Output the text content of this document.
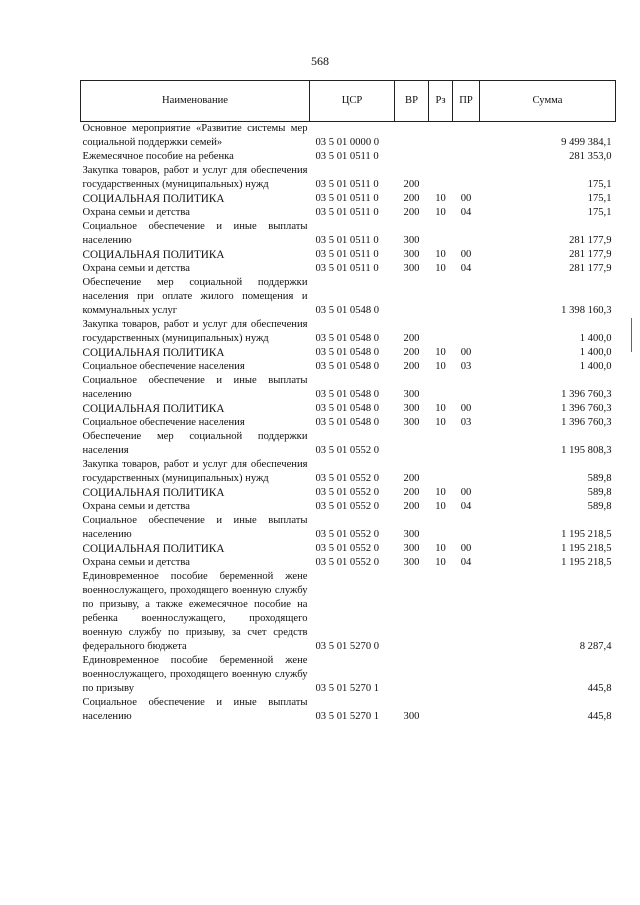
568
Наименование	ЦСР	ВР	Рз	ПР	Сумма
Основное мероприятие «Развитие системы мер социальной поддержки семей»	03 5 01 0000 0				9 499 384,1
Ежемесячное пособие на ребенка	03 5 01 0511 0				281 353,0
Закупка товаров, работ и услуг для обеспечения государственных (муниципальных) нужд	03 5 01 0511 0	200			175,1
СОЦИАЛЬНАЯ ПОЛИТИКА	03 5 01 0511 0	200	10	00	175,1
Охрана семьи и детства	03 5 01 0511 0	200	10	04	175,1
Социальное обеспечение и иные выплаты населению	03 5 01 0511 0	300			281 177,9
СОЦИАЛЬНАЯ ПОЛИТИКА	03 5 01 0511 0	300	10	00	281 177,9
Охрана семьи и детства	03 5 01 0511 0	300	10	04	281 177,9
Обеспечение мер социальной поддержки населения при оплате жилого помещения и коммунальных услуг	03 5 01 0548 0				1 398 160,3
Закупка товаров, работ и услуг для обеспечения государственных (муниципальных) нужд	03 5 01 0548 0	200			1 400,0
СОЦИАЛЬНАЯ ПОЛИТИКА	03 5 01 0548 0	200	10	00	1 400,0
Социальное обеспечение населения	03 5 01 0548 0	200	10	03	1 400,0
Социальное обеспечение и иные выплаты населению	03 5 01 0548 0	300			1 396 760,3
СОЦИАЛЬНАЯ ПОЛИТИКА	03 5 01 0548 0	300	10	00	1 396 760,3
Социальное обеспечение населения	03 5 01 0548 0	300	10	03	1 396 760,3
Обеспечение мер социальной поддержки населения	03 5 01 0552 0				1 195 808,3
Закупка товаров, работ и услуг для обеспечения государственных (муниципальных) нужд	03 5 01 0552 0	200			589,8
СОЦИАЛЬНАЯ ПОЛИТИКА	03 5 01 0552 0	200	10	00	589,8
Охрана семьи и детства	03 5 01 0552 0	200	10	04	589,8
Социальное обеспечение и иные выплаты населению	03 5 01 0552 0	300			1 195 218,5
СОЦИАЛЬНАЯ ПОЛИТИКА	03 5 01 0552 0	300	10	00	1 195 218,5
Охрана семьи и детства	03 5 01 0552 0	300	10	04	1 195 218,5
Единовременное пособие беременной жене военнослужащего, проходящего военную службу по призыву, а также ежемесячное пособие на ребенка военнослужащего, проходящего военную службу по призыву, за счет средств федерального бюджета	03 5 01 5270 0				8 287,4
Единовременное пособие беременной жене военнослужащего, проходящего военную службу по призыву	03 5 01 5270 1				445,8
Социальное обеспечение и иные выплаты населению	03 5 01 5270 1	300			445,8
